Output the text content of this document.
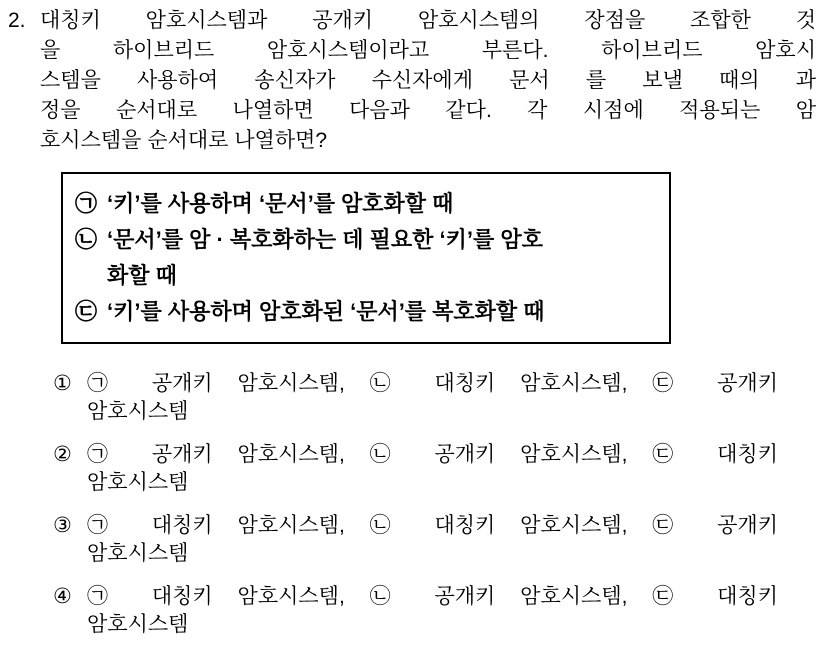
2. 대칭키 암호시스템과 공개키 암호시스템의 장점을 조합한 것
을 하이브리드 암호시스템이라고 부른다. 하이브리드 암호시
스템을 사용하여 송신자가 수신자에게 문서 를 보낼 때의 과
정을 순서대로 나열하면 다음과 같다. 각 시점에 적용되는 암
호시스템을 순서대로 나열하면?
㉠ ‘키’를 사용하며 ‘문서’를 암호화할 때
㉡ ‘문서’를 암 · 복호화하는 데 필요한 ‘키’를 암호
화할 때
㉢ ‘키’를 사용하며 암호화된 ‘문서’를 복호화할 때
① ㉠ 공개키 암호시스템, ㉡ 대칭키 암호시스템, ㉢ 공개키
암호시스템
② ㉠ 공개키 암호시스템, ㉡ 공개키 암호시스템, ㉢ 대칭키
암호시스템
③ ㉠ 대칭키 암호시스템, ㉡ 대칭키 암호시스템, ㉢ 공개키
암호시스템
④ ㉠ 대칭키 암호시스템, ㉡ 공개키 암호시스템, ㉢ 대칭키
암호시스템
